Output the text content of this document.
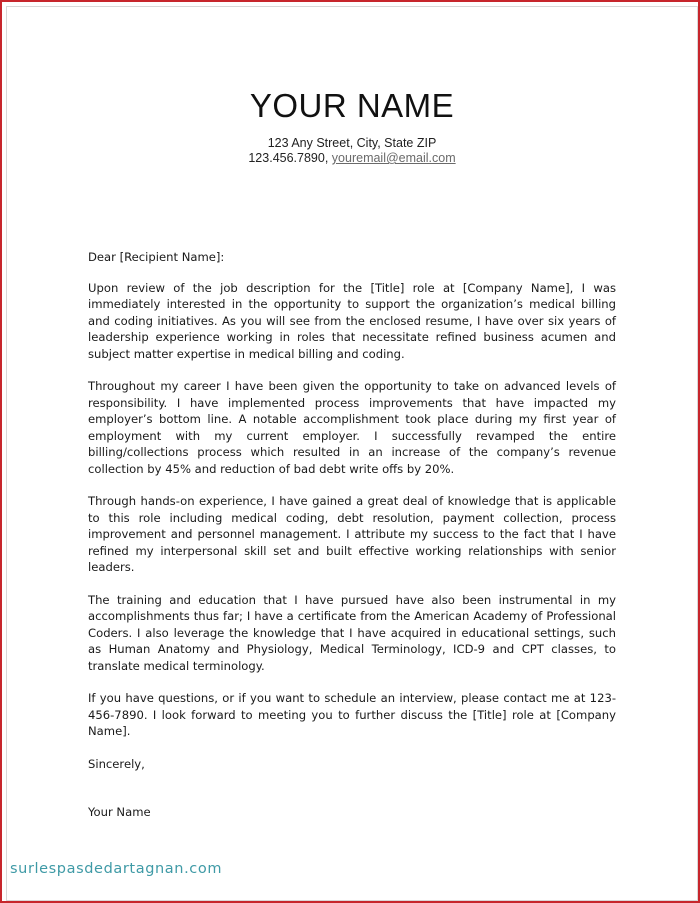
YOUR NAME
123 Any Street, City, State ZIP
123.456.7890, youremail@email.com

Dear [Recipient Name]:

Upon review of the job description for the [Title] role at [Company Name], I was immediately interested in the opportunity to support the organization’s medical billing and coding initiatives. As you will see from the enclosed resume, I have over six years of leadership experience working in roles that necessitate refined business acumen and subject matter expertise in medical billing and coding.

Throughout my career I have been given the opportunity to take on advanced levels of responsibility. I have implemented process improvements that have impacted my employer’s bottom line. A notable accomplishment took place during my first year of employment with my current employer. I successfully revamped the entire billing/collections process which resulted in an increase of the company’s revenue collection by 45% and reduction of bad debt write offs by 20%.

Through hands-on experience, I have gained a great deal of knowledge that is applicable to this role including medical coding, debt resolution, payment collection, process improvement and personnel management. I attribute my success to the fact that I have refined my interpersonal skill set and built effective working relationships with senior leaders.

The training and education that I have pursued have also been instrumental in my accomplishments thus far; I have a certificate from the American Academy of Professional Coders. I also leverage the knowledge that I have acquired in educational settings, such as Human Anatomy and Physiology, Medical Terminology, ICD-9 and CPT classes, to translate medical terminology.

If you have questions, or if you want to schedule an interview, please contact me at 123-456-7890. I look forward to meeting you to further discuss the [Title] role at [Company Name].

Sincerely,

Your Name

surlespasdedartagnan.com
